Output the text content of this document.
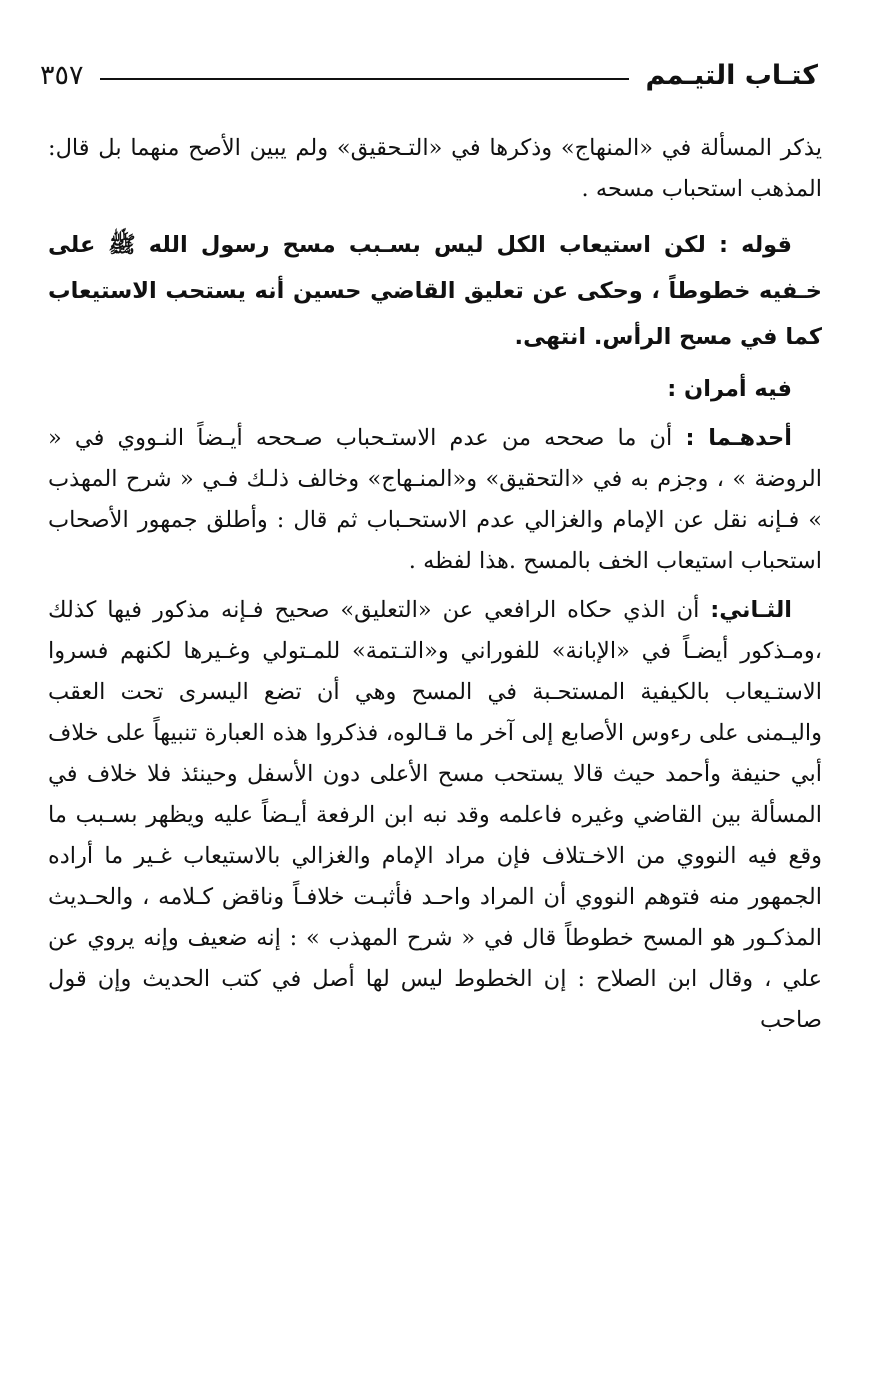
كتـاب التيـمم
٣٥٧

يذكر المسألة في «المنهاج» وذكرها في «التـحقيق» ولم يبين الأصح منهما بل قال: المذهب استحباب مسحه .

قوله : لكن استيعاب الكل ليس بسـبب مسح رسول الله ﷺ على خـفيه خطوطاً ، وحكى عن تعليق القاضي حسين أنه يستحب الاستيعاب كما في مسح الرأس. انتهى.

فيه أمران :

أحدهـما : أن ما صححه من عدم الاستـحباب صـححه أيـضاً النـووي في « الروضة » ، وجزم به في «التحقيق» و«المنـهاج» وخالف ذلـك فـي « شرح المهذب » فـإنه نقل عن الإمام والغزالي عدم الاستحـباب ثم قال : وأطلق جمهور الأصحاب استحباب استيعاب الخف بالمسح .هذا لفظه .

الثـاني: أن الذي حكاه الرافعي عن «التعليق» صحيح فـإنه مذكور فيها كذلك ،ومـذكور أيضـاً في «الإبانة» للفوراني و«التـتمة» للمـتولي وغـيرها لكنهم فسروا الاستـيعاب بالكيفية المستحـبة في المسح وهي أن تضع اليسرى تحت العقب واليـمنى على رءوس الأصابع إلى آخر ما قـالوه، فذكروا هذه العبارة تنبيهاً على خلاف أبي حنيفة وأحمد حيث قالا يستحب مسح الأعلى دون الأسفل وحينئذ فلا خلاف في المسألة بين القاضي وغيره فاعلمه وقد نبه ابن الرفعة أيـضاً عليه ويظهر بسـبب ما وقع فيه النووي من الاخـتلاف فإن مراد الإمام والغزالي بالاستيعاب غـير ما أراده الجمهور منه فتوهم النووي أن المراد واحـد فأثبـت خلافـاً وناقض كـلامه ، والحـديث المذكـور هو المسح خطوطاً قال في « شرح المهذب » : إنه ضعيف وإنه يروي عن علي ، وقال ابن الصلاح : إن الخطوط ليس لها أصل في كتب الحديث وإن قول صاحب
